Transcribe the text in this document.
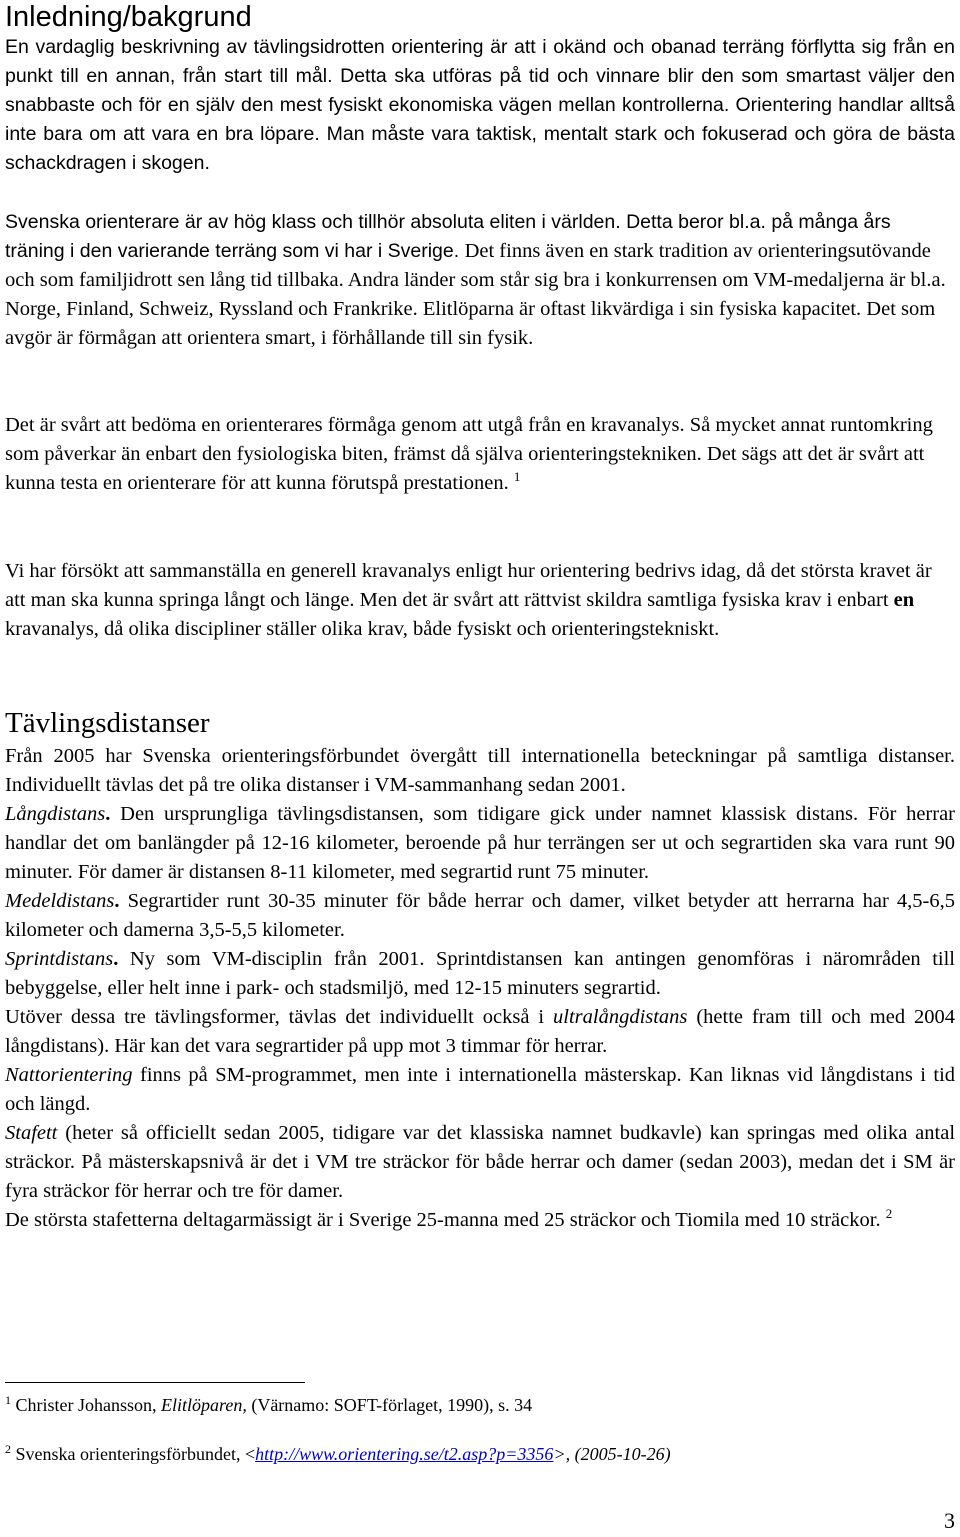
Inledning/bakgrund
En vardaglig beskrivning av tävlingsidrotten orientering är att i okänd och obanad terräng förflytta sig från en punkt till en annan, från start till mål. Detta ska utföras på tid och vinnare blir den som smartast väljer den snabbaste och för en själv den mest fysiskt ekonomiska vägen mellan kontrollerna. Orientering handlar alltså inte bara om att vara en bra löpare. Man måste vara taktisk, mentalt stark och fokuserad och göra de bästa schackdragen i skogen.
Svenska orienterare är av hög klass och tillhör absoluta eliten i världen. Detta beror bl.a. på många års träning i den varierande terräng som vi har i Sverige. Det finns även en stark tradition av orienteringsutövande och som familjidrott sen lång tid tillbaka. Andra länder som står sig bra i konkurrensen om VM-medaljerna är bl.a. Norge, Finland, Schweiz, Ryssland och Frankrike. Elitlöparna är oftast likvärdiga i sin fysiska kapacitet. Det som avgör är förmågan att orientera smart, i förhållande till sin fysik.
Det är svårt att bedöma en orienterares förmåga genom att utgå från en kravanalys. Så mycket annat runtomkring som påverkar än enbart den fysiologiska biten, främst då själva orienteringstekniken. Det sägs att det är svårt att kunna testa en orienterare för att kunna förutspå prestationen. $^1$
Vi har försökt att sammanställa en generell kravanalys enligt hur orientering bedrivs idag, då det största kravet är att man ska kunna springa långt och länge. Men det är svårt att rättvist skildra samtliga fysiska krav i enbart en kravanalys, då olika discipliner ställer olika krav, både fysiskt och orienteringstekniskt.
Tävlingsdistanser

Från 2005 har Svenska orienteringsförbundet övergått till internationella beteckningar på samtliga distanser. Individuellt tävlas det på tre olika distanser i VM-sammanhang sedan 2001.

Långdistans. Den ursprungliga tävlingsdistansen, som tidigare gick under namnet klassisk distans. För herrar handlar det om banlängder på 12-16 kilometer, beroende på hur terrängen ser ut och segrartiden ska vara runt 90 minuter. För damer är distansen 8-11 kilometer, med segrartid runt 75 minuter.

Medeldistans. Segrartider runt 30-35 minuter för både herrar och damer, vilket betyder att herrarna har 4,5-6,5 kilometer och damerna 3,5-5,5 kilometer.

Sprintdistans. Ny som VM-disciplin från 2001. Sprintdistansen kan antingen genomföras i närområden till bebyggelse, eller helt inne i park- och stadsmiljö, med 12-15 minuters segrartid.

Utöver dessa tre tävlingsformer, tävlas det individuellt också i ultralångdistans (hette fram till och med 2004 långdistans). Här kan det vara segrartider på upp mot 3 timmar för herrar.

Nattorientering finns på SM-programmet, men inte i internationella mästerskap. Kan liknas vid långdistans i tid och längd.

Stafett (heter så officiellt sedan 2005, tidigare var det klassiska namnet budkavle) kan springas med olika antal sträckor. På mästerskapsnivå är det i VM tre sträckor för både herrar och damer (sedan 2003), medan det i SM är fyra sträckor för herrar och tre för damer.

De största stafetterna deltagarmässigt är i Sverige 25-manna med 25 sträckor och Tiomila med 10 sträckor. $^2$

$^1$ Christer Johansson, Elitlöparen, (Värnamo: SOFT-förlaget, 1990), s. 34
$^2$ Svenska orienteringsförbundet, <http://www.orientering.se/t2.asp?p=3356>, (2005-10-26)
3
